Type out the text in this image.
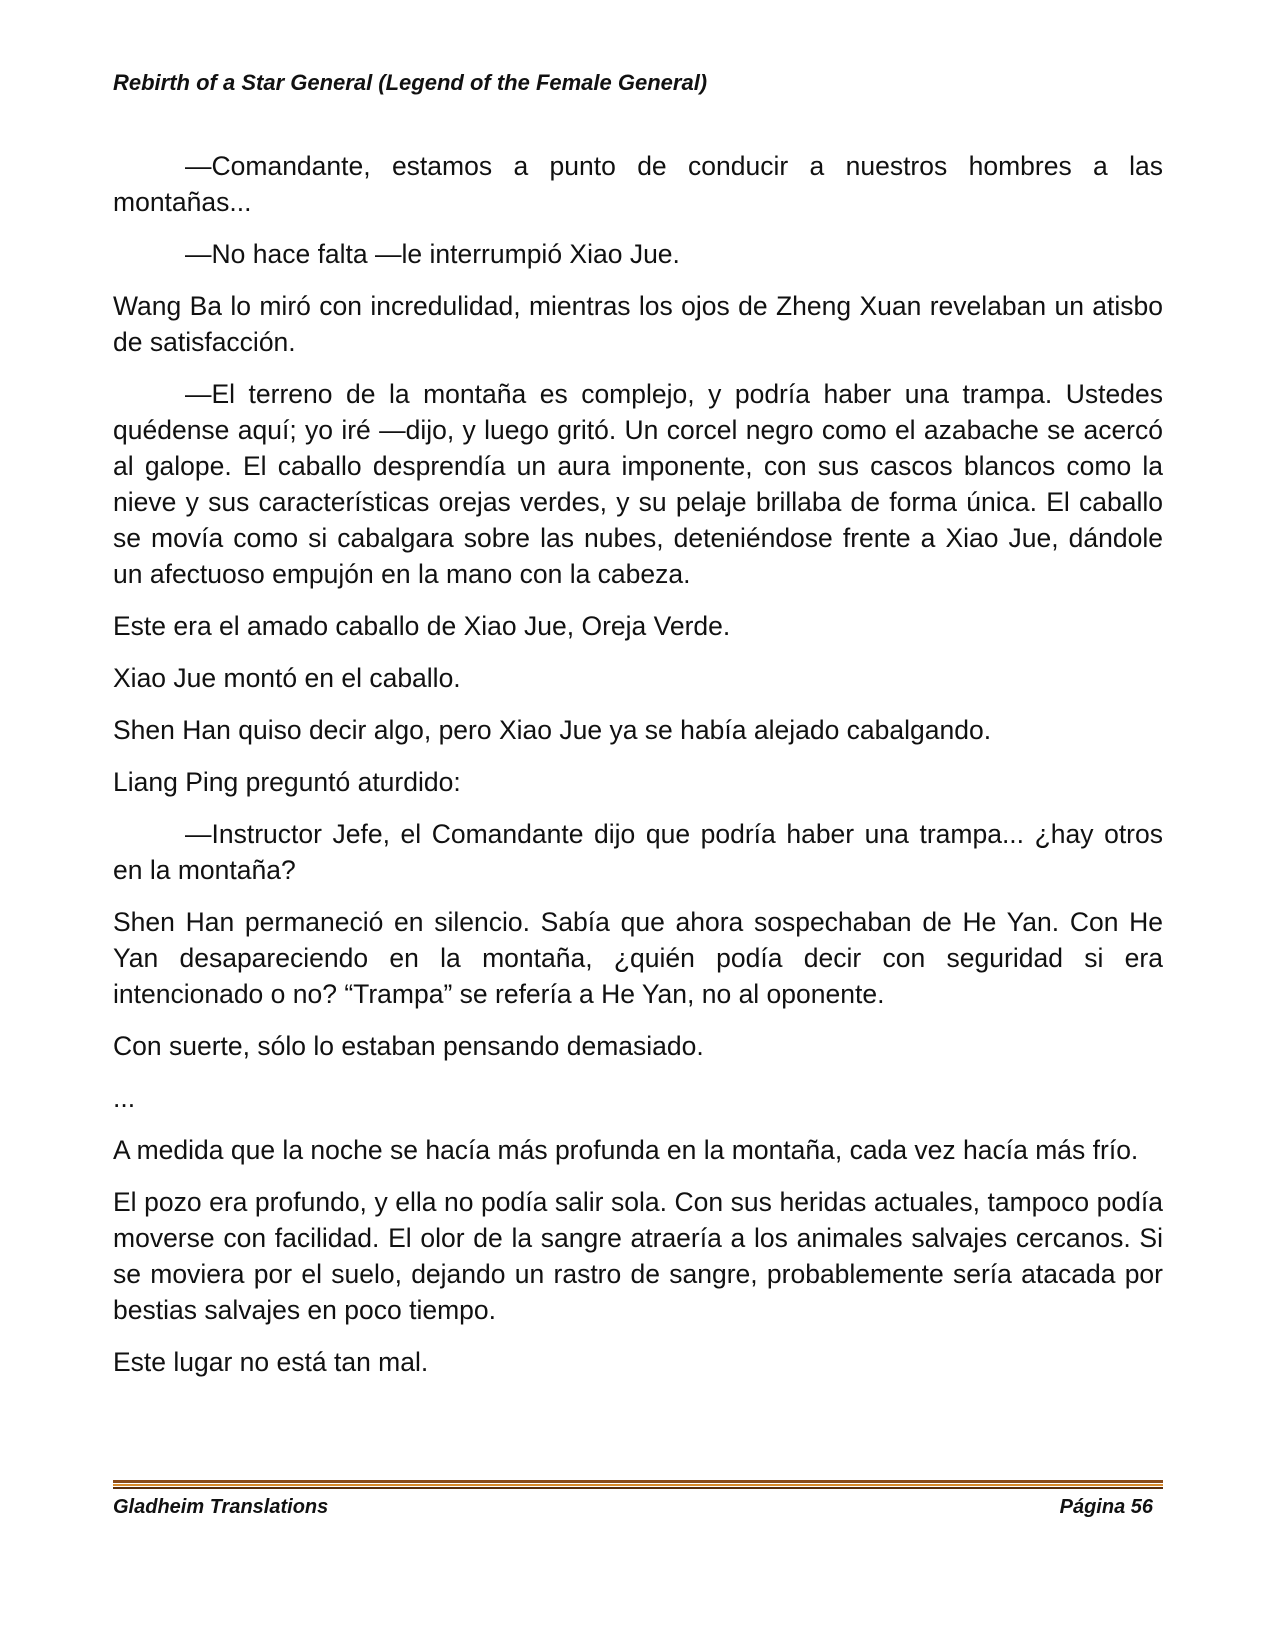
Rebirth of a Star General (Legend of the Female General)

—Comandante, estamos a punto de conducir a nuestros hombres a las montañas...

—No hace falta —le interrumpió Xiao Jue.

Wang Ba lo miró con incredulidad, mientras los ojos de Zheng Xuan revelaban un atisbo de satisfacción.

—El terreno de la montaña es complejo, y podría haber una trampa. Ustedes quédense aquí; yo iré —dijo, y luego gritó. Un corcel negro como el azabache se acercó al galope. El caballo desprendía un aura imponente, con sus cascos blancos como la nieve y sus características orejas verdes, y su pelaje brillaba de forma única. El caballo se movía como si cabalgara sobre las nubes, deteniéndose frente a Xiao Jue, dándole un afectuoso empujón en la mano con la cabeza.

Este era el amado caballo de Xiao Jue, Oreja Verde.

Xiao Jue montó en el caballo.

Shen Han quiso decir algo, pero Xiao Jue ya se había alejado cabalgando.

Liang Ping preguntó aturdido:

—Instructor Jefe, el Comandante dijo que podría haber una trampa... ¿hay otros en la montaña?

Shen Han permaneció en silencio. Sabía que ahora sospechaban de He Yan. Con He Yan desapareciendo en la montaña, ¿quién podía decir con seguridad si era intencionado o no? “Trampa” se refería a He Yan, no al oponente.

Con suerte, sólo lo estaban pensando demasiado.

...

A medida que la noche se hacía más profunda en la montaña, cada vez hacía más frío.

El pozo era profundo, y ella no podía salir sola. Con sus heridas actuales, tampoco podía moverse con facilidad. El olor de la sangre atraería a los animales salvajes cercanos. Si se moviera por el suelo, dejando un rastro de sangre, probablemente sería atacada por bestias salvajes en poco tiempo.

Este lugar no está tan mal.

Gladheim Translations	Página 56
